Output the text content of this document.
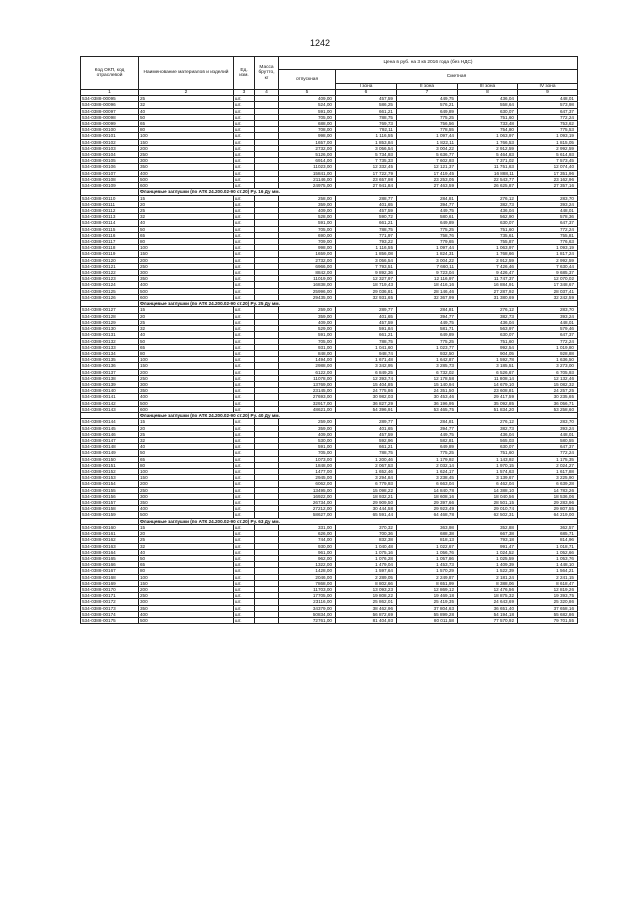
1242
Код ОКП, код отраслевой	Наименование материалов и изделий	Ед. изм.	Масса брутто, кг	Цена в руб. на 3 кв 2016 года (без НДС)				
				отпускная	Сметная			
					I зона	II зона	III зона	IV зона
1	2	3	4	5	6	7	8	9
534-0388-00095	25	шт.		409,00	457,59	449,75	436,04	448,01
534-0388-00096	32	шт.		524,00	586,25	576,21	558,64	573,98
534-0388-00097	40	шт.		591,00	661,21	649,89	630,07	647,37
534-0388-00098	50	шт.		705,00	788,75	775,25	751,60	772,24
534-0388-00099	65	шт.		688,00	769,73	756,56	733,48	753,62
534-0388-00100	80	шт.		708,00	792,11	778,55	754,80	775,53
534-0388-00101	100	шт.		998,00	1 116,55	1 097,44	1 063,97	1 093,19
534-0388-00102	150	шт.		1657,00	1 853,84	1 822,11	1 766,53	1 815,05
534-0388-00103	200	шт.		2732,00	3 056,54	3 004,22	2 912,59	2 992,59
534-0388-00104	250	шт.		5126,00	5 734,93	5 636,77	5 464,83	5 614,93
534-0388-00105	300	шт.		6914,00	7 735,33	7 602,93	7 371,02	7 573,45
534-0388-00106	350	шт.		11023,00	12 332,45	12 121,37	11 751,63	12 074,40
534-0388-00107	400	шт.		15841,00	17 722,79	17 419,45	16 888,11	17 351,96
534-0388-00108	500	шт.		21146,00	23 657,98	23 253,05	22 543,77	23 162,96
534-0388-00109	600	шт.		24975,00	27 941,84	27 463,59	26 625,87	27 357,16
	Фланцевые заглушки (по АТК 24.200.02-90 ст.20) Ру. 16 Ду мм.							
534-0388-00110	15	шт.		258,00	288,77	284,81	276,12	283,70
534-0388-00111	20	шт.		359,00	401,65	394,77	382,73	393,24
534-0388-00112	25	шт.		409,00	457,59	449,75	436,04	448,01
534-0388-00113	32	шт.		528,00	590,72	580,61	562,90	578,36
534-0388-00114	40	шт.		591,00	661,21	649,89	630,07	647,37
534-0388-00115	50	шт.		705,00	788,75	775,25	751,60	772,24
534-0388-00116	65	шт.		690,00	771,97	758,76	735,61	755,81
534-0388-00117	80	шт.		709,00	793,22	779,65	755,87	776,63
534-0388-00118	100	шт.		998,00	1 116,55	1 097,44	1 063,97	1 093,19
534-0388-00119	150	шт.		1659,00	1 856,08	1 824,31	1 768,66	1 817,24
534-0388-00120	200	шт.		2732,00	3 056,54	3 004,22	2 912,59	2 992,59
534-0388-00121	250	шт.		6966,00	7 793,51	7 660,11	7 426,46	7 630,44
534-0388-00122	300	шт.		8842,00	9 892,36	9 723,04	9 426,47	9 685,37
534-0388-00123	350	шт.		11019,00	12 327,97	12 116,97	11 747,37	12 070,02
534-0388-00124	400	шт.		16838,00	18 719,43	18 416,16	16 884,91	17 348,67
534-0388-00125	500	шт.		25996,00	29 036,81	28 146,46	27 287,92	28 037,41
534-0388-00126	600	шт.		29435,00	32 931,65	32 367,99	31 380,69	32 242,59
	Фланцевые заглушки (по АТК 24.200.02-90 ст.20) Ру. 25 Ду мм.							
534-0388-00127	15	шт.		259,00	289,77	284,81	276,12	283,70
534-0388-00128	20	шт.		359,00	401,65	394,77	382,73	393,24
534-0388-00129	25	шт.		409,00	457,59	449,75	436,04	448,01
534-0388-00130	32	шт.		529,00	591,84	581,71	563,97	579,46
534-0388-00131	40	шт.		591,00	661,21	649,89	630,07	647,37
534-0388-00132	50	шт.		705,00	788,75	775,25	751,60	772,24
534-0388-00133	65	шт.		931,00	1 041,60	1 023,77	992,54	1 019,80
534-0388-00134	80	шт.		848,00	948,74	932,50	904,05	928,88
534-0388-00135	100	шт.		1494,00	1 671,48	1 642,87	1 592,78	1 636,50
534-0388-00136	150	шт.		2988,00	3 342,95	3 285,73	3 185,51	3 273,00
534-0388-00137	200	шт.		6122,00	6 849,25	6 732,02	6 526,67	6 705,93
534-0388-00138	250	шт.		11078,00	12 393,74	12 178,58	11 808,14	12 132,46
534-0388-00139	300	шт.		13769,00	15 404,85	15 140,94	14 679,10	15 082,32
534-0388-00140	350	шт.		23145,00	24 775,86	24 351,50	23 608,81	24 257,25
534-0388-00141	400	шт.		27693,00	30 982,03	30 453,46	29 417,59	30 235,65
534-0388-00142	500	шт.		32917,00	36 827,29	36 196,95	35 092,85	36 056,71
534-0388-00143	600	шт.		48621,00	54 396,91	53 465,75	51 834,20	53 258,60
	Фланцевые заглушки (по АТК 24.200.02-90 ст.20) Ру. 40 Ду мм.							
534-0388-00144	15	шт.		259,00	289,77	284,81	276,12	283,70
534-0388-00145	20	шт.		359,00	401,65	394,77	382,73	393,24
534-0388-00146	25	шт.		409,00	457,59	449,75	436,04	448,01
534-0388-00147	32	шт.		530,00	592,96	582,81	565,03	580,55
534-0388-00148	40	шт.		591,00	661,21	649,89	630,07	647,37
534-0388-00149	50	шт.		705,00	788,75	775,25	751,60	772,24
534-0388-00150	65	шт.		1073,00	1 200,46	1 179,92	1 143,92	1 175,35
534-0388-00151	80	шт.		1848,00	2 067,53	2 032,14	1 970,15	2 024,27
534-0388-00152	100	шт.		1477,00	1 652,46	1 624,17	1 574,63	1 617,88
534-0388-00153	150	шт.		2945,00	3 294,84	3 238,45	3 139,67	3 225,90
534-0388-00154	200	шт.		6062,00	6 779,93	6 663,04	6 462,04	6 639,28
534-0388-00155	250	шт.		13495,00	15 098,22	14 840,78	14 388,10	14 783,26
534-0388-00156	300	шт.		16922,00	18 932,21	18 608,16	18 040,56	18 536,06
534-0388-00157	350	шт.		26734,00	29 909,50	29 397,66	28 501,15	29 283,96
534-0388-00158	400	шт.		27212,00	30 444,58	29 923,49	29 010,74	29 807,55
534-0388-00159	500	шт.		58627,00	65 591,44	64 468,78	62 502,31	64 219,00
	Фланцевые заглушки (по АТК 24.200.02-90 ст.20) Ру. 63 Ду мм.							
534-0388-00160	15	шт.		331,00	370,32	363,98	352,88	362,57
534-0388-00161	20	шт.		626,00	700,36	688,38	667,38	685,71
534-0388-00162	25	шт.		744,00	832,38	818,13	793,18	814,96
534-0388-00163	32	шт.		930,00	1 040,48	1 022,67	991,47	1 018,71
534-0388-00164	40	шт.		961,00	1 075,16	1 056,76	1 024,52	1 052,66
534-0388-00165	50	шт.		962,00	1 076,28	1 057,86	1 025,59	1 053,76
534-0388-00166	65	шт.		1322,00	1 479,04	1 453,73	1 409,39	1 448,10
534-0388-00167	80	шт.		1428,00	1 597,64	1 570,29	1 522,39	1 564,21
534-0388-00168	100	шт.		2046,00	2 289,05	2 249,87	2 181,24	2 241,15
534-0388-00169	150	шт.		7868,00	8 802,66	8 651,99	8 388,06	8 618,47
534-0388-00170	200	шт.		11703,00	13 093,23	12 869,12	12 476,56	12 819,26
534-0388-00171	250	шт.		17705,00	19 808,22	19 469,18	18 875,32	19 393,75
534-0388-00172	300	шт.		23116,00	25 862,01	25 419,35	24 643,69	25 320,86
534-0388-00173	350	шт.		34379,00	38 462,96	37 804,63	36 651,40	37 658,16
534-0388-00174	400	шт.		50834,00	56 872,69	55 899,28	54 194,18	55 682,86
534-0388-00175	500	шт.		72761,00	81 404,93	80 011,58	77 570,92	79 701,55
